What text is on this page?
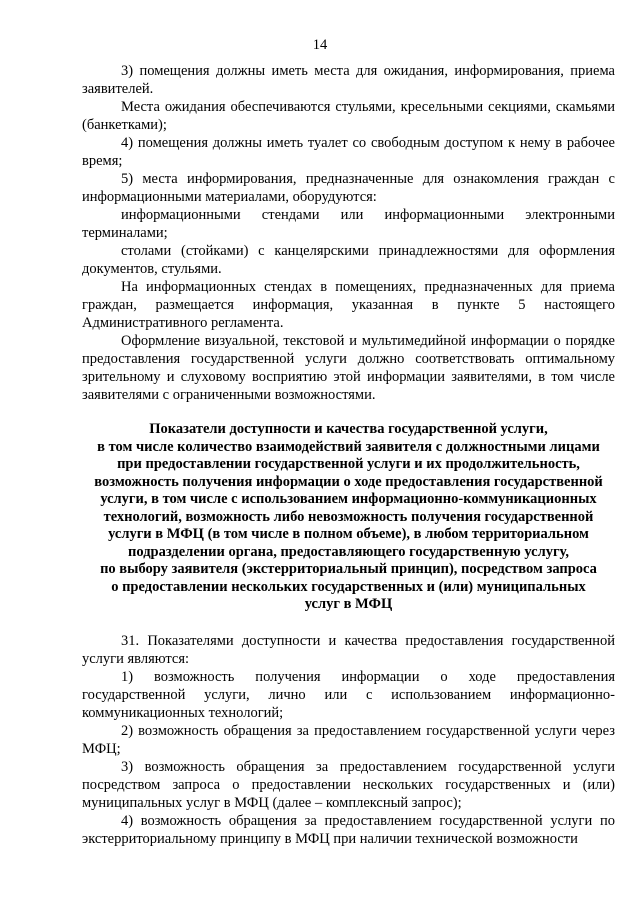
14

3) помещения должны иметь места для ожидания, информирования, приема заявителей.

Места ожидания обеспечиваются стульями, кресельными секциями, скамьями (банкетками);

4) помещения должны иметь туалет со свободным доступом к нему в рабочее время;

5) места информирования, предназначенные для ознакомления граждан с информационными материалами, оборудуются:

информационными стендами или информационными электронными терминалами;

столами (стойками) с канцелярскими принадлежностями для оформления документов, стульями.

На информационных стендах в помещениях, предназначенных для приема граждан, размещается информация, указанная в пункте 5 настоящего Административного регламента.

Оформление визуальной, текстовой и мультимедийной информации о порядке предоставления государственной услуги должно соответствовать оптимальному зрительному и слуховому восприятию этой информации заявителями, в том числе заявителями с ограниченными возможностями.

Показатели доступности и качества государственной услуги,
в том числе количество взаимодействий заявителя с должностными лицами
при предоставлении государственной услуги и их продолжительность,
возможность получения информации о ходе предоставления государственной
услуги, в том числе с использованием информационно-коммуникационных
технологий, возможность либо невозможность получения государственной
услуги в МФЦ (в том числе в полном объеме), в любом территориальном
подразделении органа, предоставляющего государственную услугу,
по выбору заявителя (экстерриториальный принцип), посредством запроса
о предоставлении нескольких государственных и (или) муниципальных
услуг в МФЦ

31. Показателями доступности и качества предоставления государственной услуги являются:

1) возможность получения информации о ходе предоставления государственной услуги, лично или с использованием информационно-коммуникационных технологий;

2) возможность обращения за предоставлением государственной услуги через МФЦ;

3) возможность обращения за предоставлением государственной услуги посредством запроса о предоставлении нескольких государственных и (или) муниципальных услуг в МФЦ (далее – комплексный запрос);

4) возможность обращения за предоставлением государственной услуги по экстерриториальному принципу в МФЦ при наличии технической возможности
